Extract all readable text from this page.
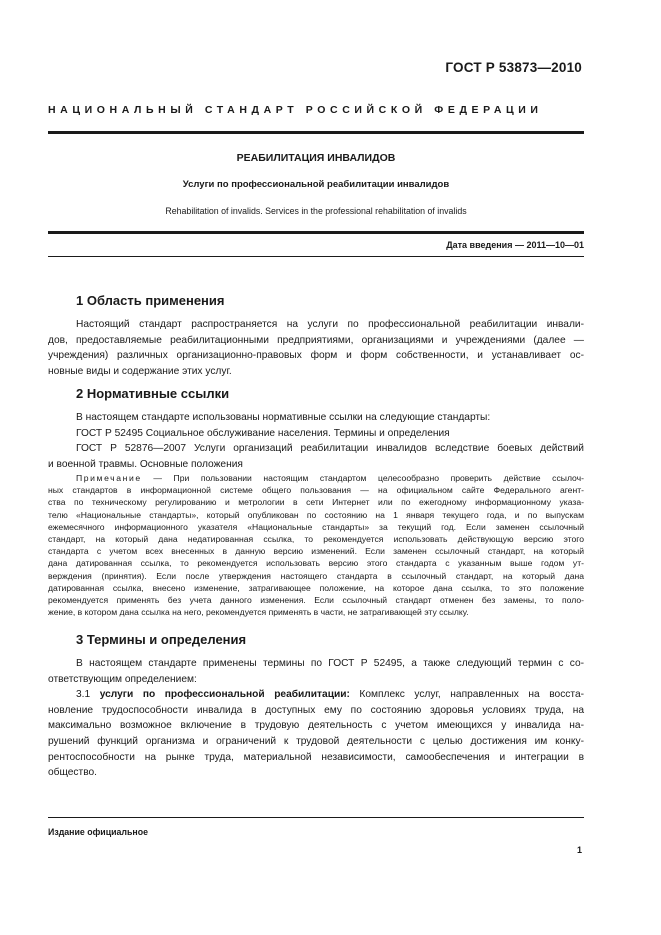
ГОСТ Р 53873—2010
НАЦИОНАЛЬНЫЙ СТАНДАРТ РОССИЙСКОЙ ФЕДЕРАЦИИ
РЕАБИЛИТАЦИЯ ИНВАЛИДОВ
Услуги по профессиональной реабилитации инвалидов
Rehabilitation of invalids. Services in the professional rehabilitation of invalids
Дата введения — 2011—10—01
1 Область применения
Настоящий стандарт распространяется на услуги по профессиональной реабилитации инвали-
дов, предоставляемые реабилитационными предприятиями, организациями и учреждениями (далее —
учреждения) различных организационно-правовых форм и форм собственности, и устанавливает ос-
новные виды и содержание этих услуг.
2 Нормативные ссылки
В настоящем стандарте использованы нормативные ссылки на следующие стандарты:
ГОСТ Р 52495 Социальное обслуживание населения. Термины и определения
ГОСТ Р 52876—2007 Услуги организаций реабилитации инвалидов вследствие боевых действий
и военной травмы. Основные положения
Примечание — При пользовании настоящим стандартом целесообразно проверить действие ссылоч-
ных стандартов в информационной системе общего пользования — на официальном сайте Федерального агент-
ства по техническому регулированию и метрологии в сети Интернет или по ежегодному информационному указа-
телю «Национальные стандарты», который опубликован по состоянию на 1 января текущего года, и по выпускам
ежемесячного информационного указателя «Национальные стандарты» за текущий год. Если заменен ссылочный
стандарт, на который дана недатированная ссылка, то рекомендуется использовать действующую версию этого
стандарта с учетом всех внесенных в данную версию изменений. Если заменен ссылочный стандарт, на который
дана датированная ссылка, то рекомендуется использовать версию этого стандарта с указанным выше годом ут-
верждения (принятия). Если после утверждения настоящего стандарта в ссылочный стандарт, на который дана
датированная ссылка, внесено изменение, затрагивающее положение, на которое дана ссылка, то это положение
рекомендуется применять без учета данного изменения. Если ссылочный стандарт отменен без замены, то поло-
жение, в котором дана ссылка на него, рекомендуется применять в части, не затрагивающей эту ссылку.
3 Термины и определения
В настоящем стандарте применены термины по ГОСТ Р 52495, а также следующий термин с со-
ответствующим определением:
3.1 услуги по профессиональной реабилитации: Комплекс услуг, направленных на восста-
новление трудоспособности инвалида в доступных ему по состоянию здоровья условиях труда, на
максимально возможное включение в трудовую деятельность с учетом имеющихся у инвалида на-
рушений функций организма и ограничений к трудовой деятельности с целью достижения им конку-
рентоспособности на рынке труда, материальной независимости, самообеспечения и интеграции в
общество.
Издание официальное
1
